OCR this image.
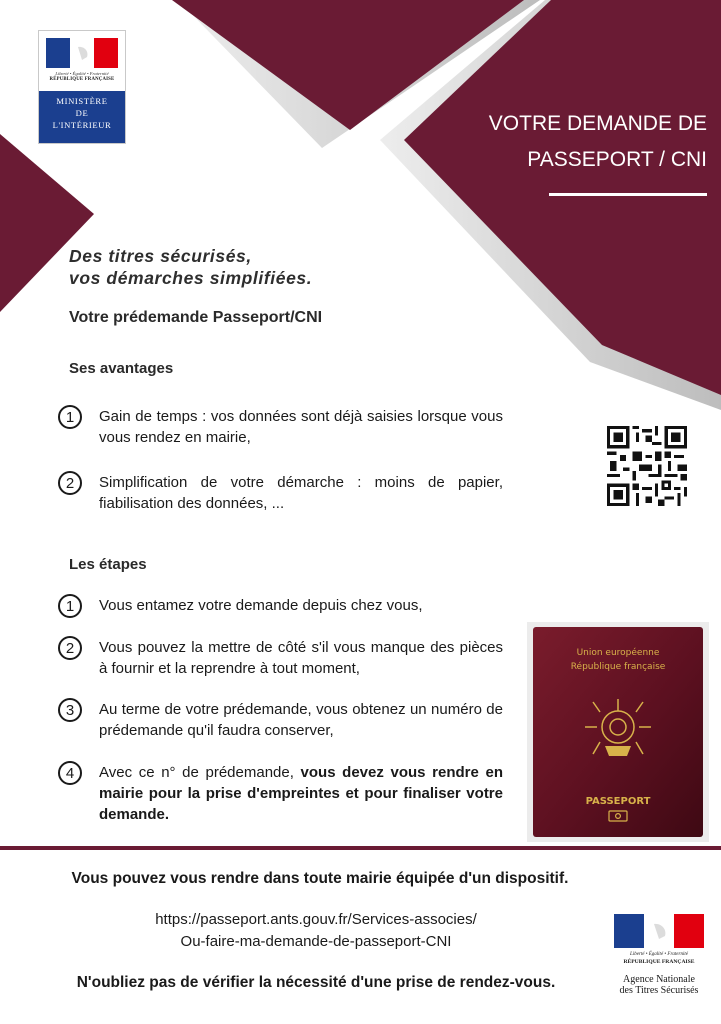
Liberté • Égalité • Fraternité
RÉPUBLIQUE FRANÇAISE
MINISTÈRE
DE
L'INTÉRIEUR	VOTRE DEMANDE DE
PASSEPORT / CNI
Des titres sécurisés,
vos démarches simplifiées.
Votre prédemande Passeport/CNI
Ses avantages
1	Gain de temps : vos données sont déjà saisies lorsque vous vous rendez en mairie,
2	Simplification de votre démarche : moins de papier, fiabilisation des données, ...
Les étapes
1	Vous entamez votre demande depuis chez vous,
2	Vous pouvez la mettre de côté s'il vous manque des pièces à fournir et la reprendre à tout moment,
3	Au terme de votre prédemande, vous obtenez un numéro de prédemande qu'il faudra conserver,
4	Avec ce n° de prédemande, vous devez vous rendre en mairie pour la prise d'empreintes et pour finaliser votre demande.
Union européenne
République française
PASSEPORT
Vous pouvez vous rendre dans toute mairie équipée d'un dispositif.
https://passeport.ants.gouv.fr/Services-associes/
Ou-faire-ma-demande-de-passeport-CNI
N'oubliez pas de vérifier la nécessité d'une prise de rendez-vous.
Liberté • Égalité • Fraternité
RÉPUBLIQUE FRANÇAISE
Agence Nationale
des Titres Sécurisés
